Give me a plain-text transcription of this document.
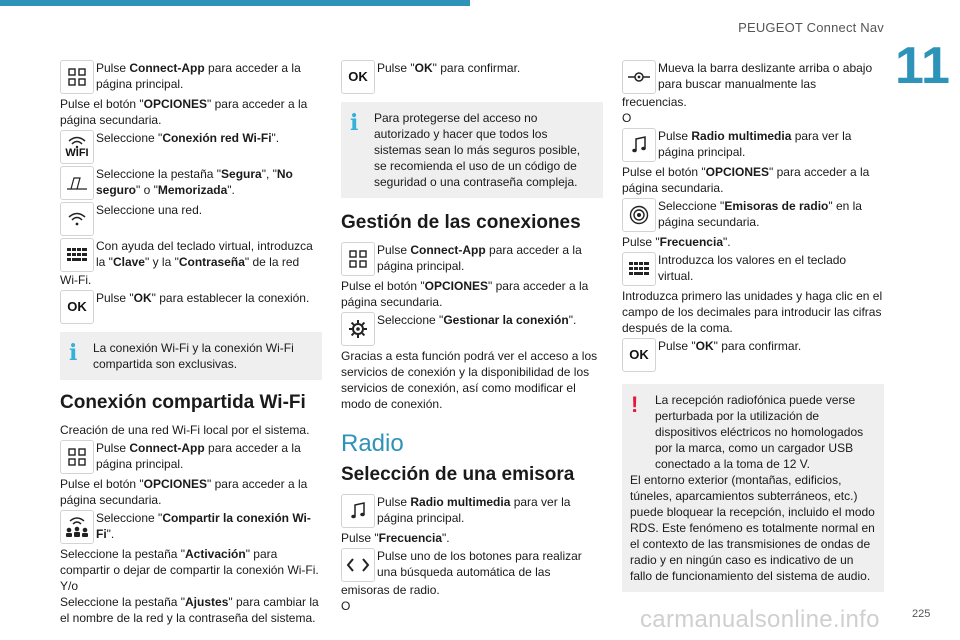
PEUGEOT Connect Nav
11
Pulse Connect-App para acceder a la página principal.

Pulse el botón "OPCIONES" para acceder a la página secundaria.

WIFI
Seleccione "Conexión red Wi-Fi".
Seleccione la pestaña "Segura", "No seguro" o "Memorizada".
Seleccione una red.
Con ayuda del teclado virtual, introduzca la "Clave" y la "Contraseña" de la red

Wi-Fi.

OK
Pulse "OK" para establecer la conexión.
i	La conexión Wi-Fi y la conexión Wi-Fi compartida son exclusivas.
Conexión compartida Wi-Fi

Creación de una red Wi-Fi local por el sistema.

Pulse Connect-App para acceder a la página principal.

Pulse el botón "OPCIONES" para acceder a la página secundaria.

Seleccione "Compartir la conexión Wi-Fi".

Seleccione la pestaña "Activación" para compartir o dejar de compartir la conexión Wi-Fi.

Y/o

Seleccione la pestaña "Ajustes" para cambiar la el nombre de la red y la contraseña del sistema.

OK
Pulse "OK" para confirmar.
i	Para protegerse del acceso no autorizado y hacer que todos los sistemas sean lo más seguros posible, se recomienda el uso de un código de seguridad o una contraseña compleja.
Gestión de las conexiones
Pulse Connect-App para acceder a la página principal.

Pulse el botón "OPCIONES" para acceder a la página secundaria.

Seleccione "Gestionar la conexión".

Gracias a esta función podrá ver el acceso a los servicios de conexión y la disponibilidad de los servicios de conexión, así como modificar el modo de conexión.

Radio
Selección de una emisora
Pulse Radio multimedia para ver la página principal.

Pulse "Frecuencia".

Pulse uno de los botones para realizar una búsqueda automática de las

emisoras de radio.

O

Mueva la barra deslizante arriba o abajo para buscar manualmente las

frecuencias.

O

Pulse Radio multimedia para ver la página principal.

Pulse el botón "OPCIONES" para acceder a la página secundaria.

Seleccione "Emisoras de radio" en la página secundaria.

Pulse "Frecuencia".

Introduzca los valores en el teclado virtual.

Introduzca primero las unidades y haga clic en el campo de los decimales para introducir las cifras después de la coma.

OK
Pulse "OK" para confirmar.
!	La recepción radiofónica puede verse perturbada por la utilización de dispositivos eléctricos no homologados por la marca, como un cargador USB conectado a la toma de 12 V.
El entorno exterior (montañas, edificios, túneles, aparcamientos subterráneos, etc.) puede bloquear la recepción, incluido el modo RDS. Este fenómeno es totalmente normal en el contexto de las transmisiones de ondas de radio y en ningún caso es indicativo de un fallo de funcionamiento del sistema de audio.
225
carmanualsonline.info
